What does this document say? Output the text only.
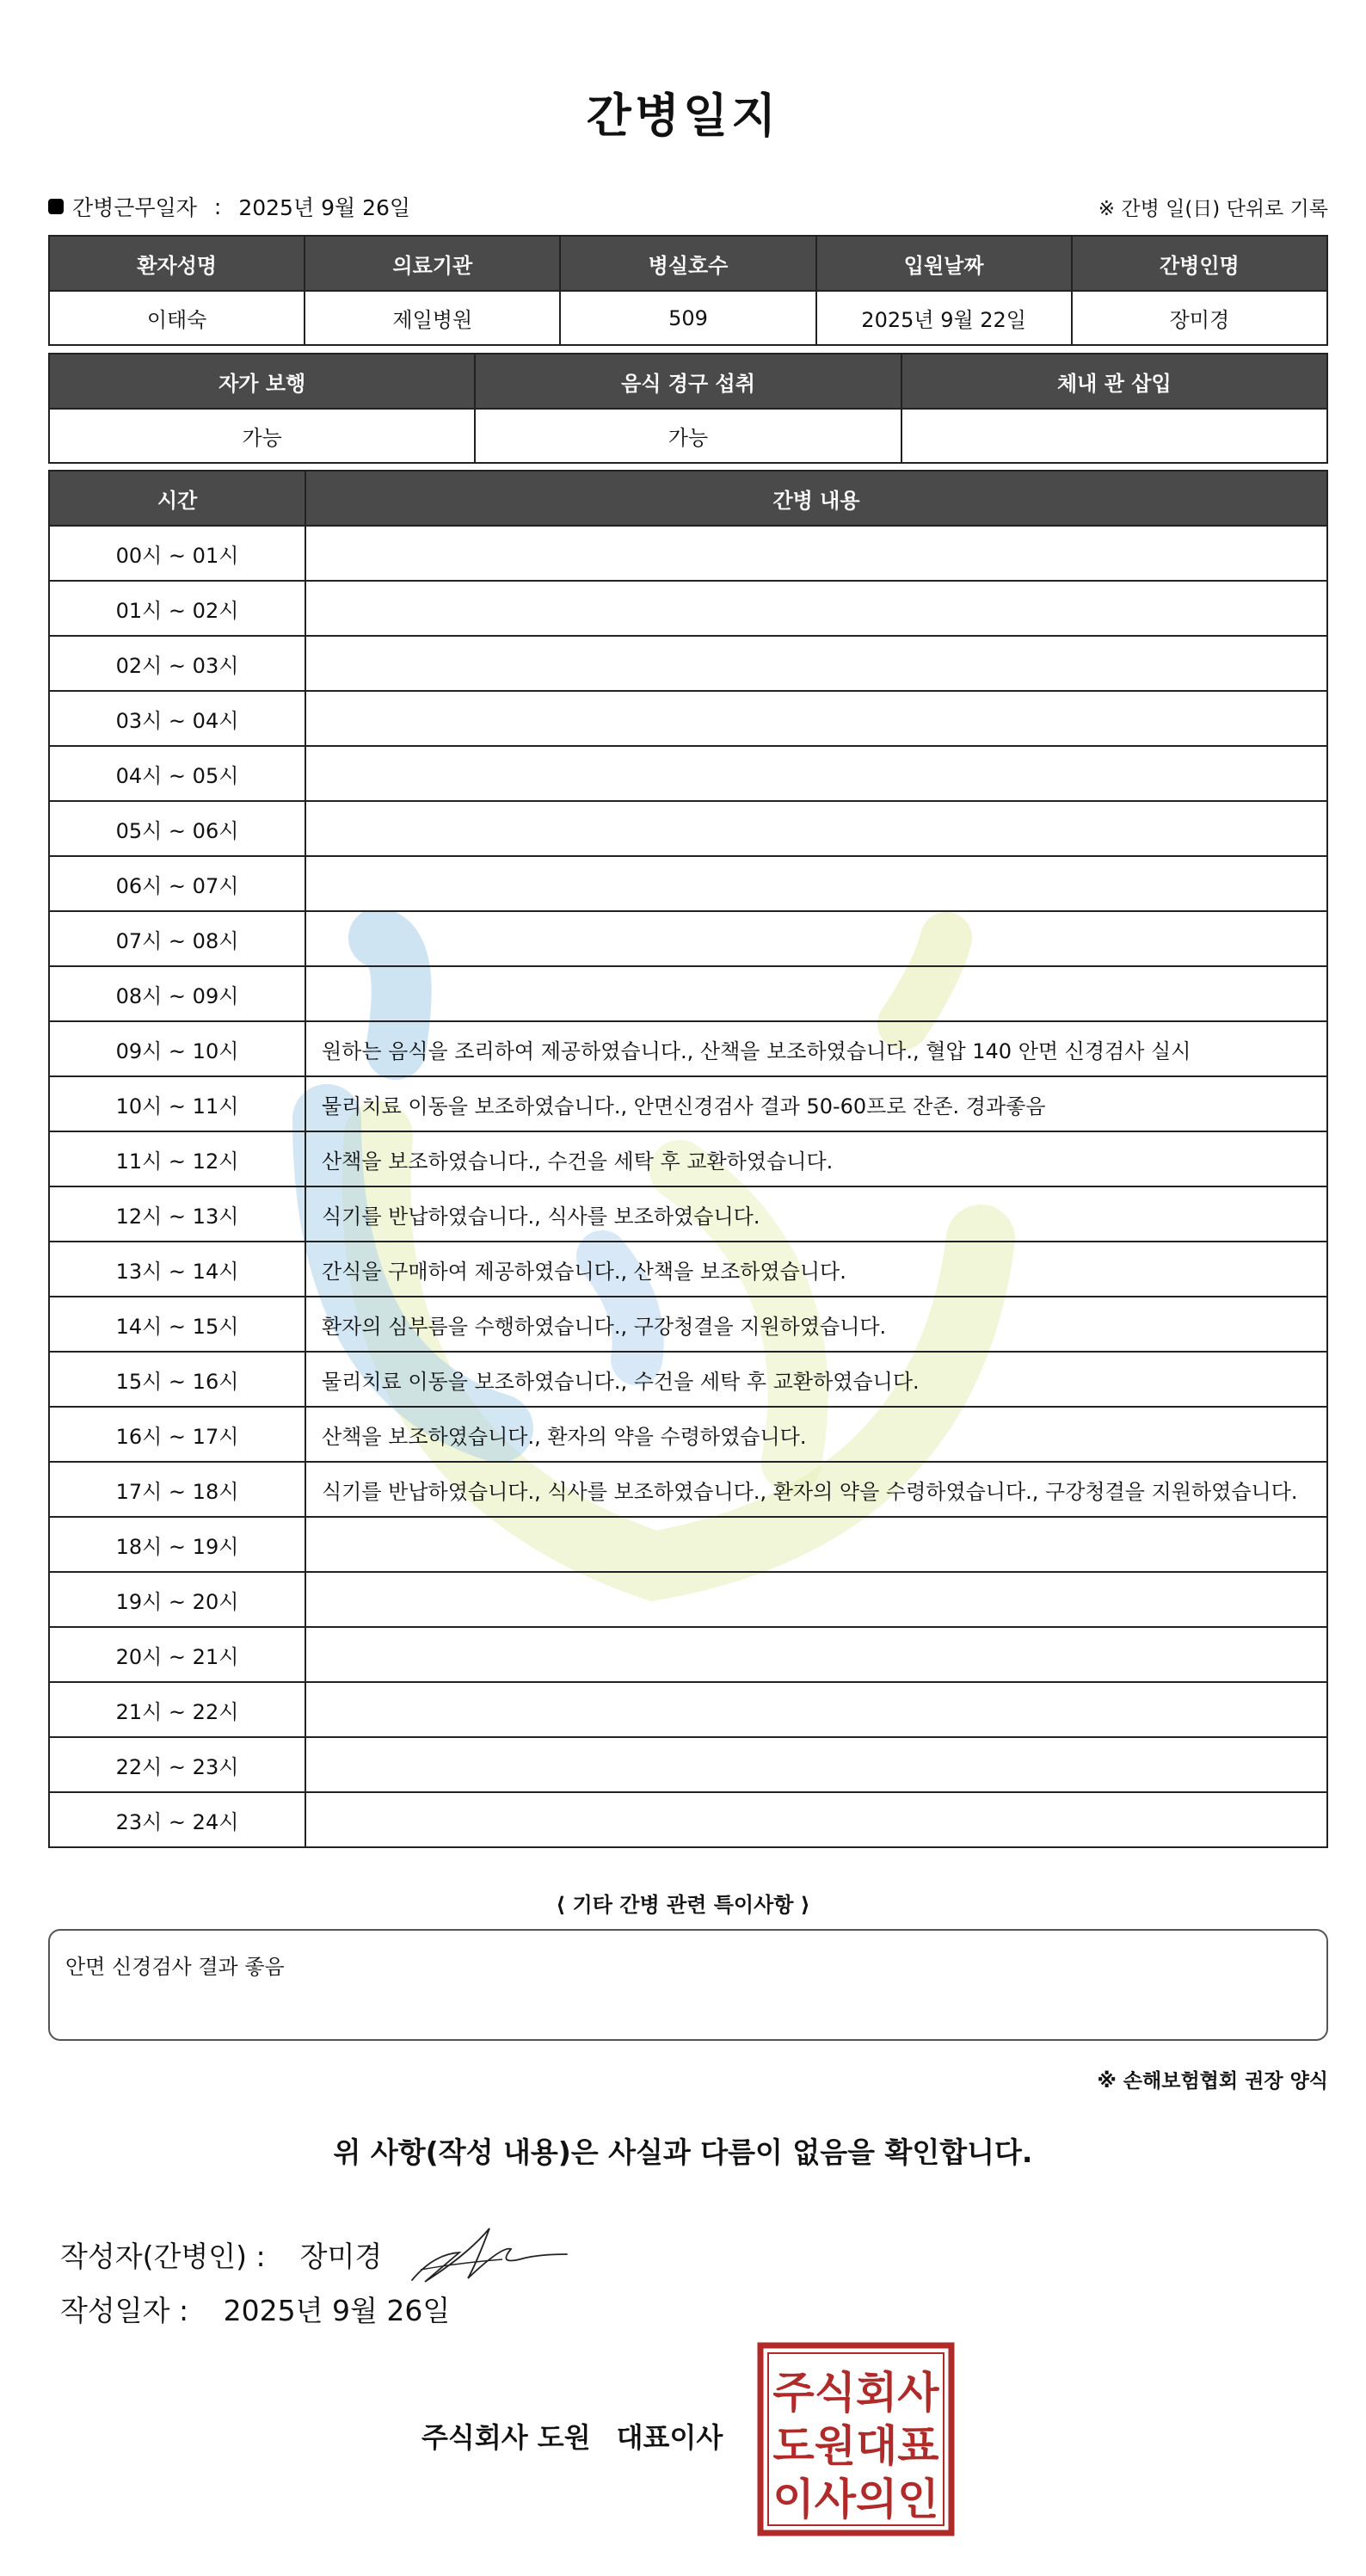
간병일지
간병근무일자 : 2025년 9월 26일	※ 간병 일(日) 단위로 기록
환자성명	의료기관	병실호수	입원날짜	간병인명
이태숙	제일병원	509	2025년 9월 22일	장미경
자가 보행	음식 경구 섭취	체내 관 삽입
가능	가능	
시간	간병 내용
00시 ~ 01시	
01시 ~ 02시	
02시 ~ 03시	
03시 ~ 04시	
04시 ~ 05시	
05시 ~ 06시	
06시 ~ 07시	
07시 ~ 08시	
08시 ~ 09시	
09시 ~ 10시	원하는 음식을 조리하여 제공하였습니다., 산책을 보조하였습니다., 혈압 140 안면 신경검사 실시
10시 ~ 11시	물리치료 이동을 보조하였습니다., 안면신경검사 결과 50-60프로 잔존. 경과좋음
11시 ~ 12시	산책을 보조하였습니다., 수건을 세탁 후 교환하였습니다.
12시 ~ 13시	식기를 반납하였습니다., 식사를 보조하였습니다.
13시 ~ 14시	간식을 구매하여 제공하였습니다., 산책을 보조하였습니다.
14시 ~ 15시	환자의 심부름을 수행하였습니다., 구강청결을 지원하였습니다.
15시 ~ 16시	물리치료 이동을 보조하였습니다., 수건을 세탁 후 교환하였습니다.
16시 ~ 17시	산책을 보조하였습니다., 환자의 약을 수령하였습니다.
17시 ~ 18시	식기를 반납하였습니다., 식사를 보조하였습니다., 환자의 약을 수령하였습니다., 구강청결을 지원하였습니다.
18시 ~ 19시	
19시 ~ 20시	
20시 ~ 21시	
21시 ~ 22시	
22시 ~ 23시	
23시 ~ 24시	
⟨ 기타 간병 관련 특이사항 ⟩
안면 신경검사 결과 좋음
※ 손해보험협회 권장 양식
위 사항(작성 내용)은 사실과 다름이 없음을 확인합니다.
작성자(간병인) : 장미경
작성일자 : 2025년 9월 26일
주식회사 도원 대표이사
주식회사
도원대표
이사의인
